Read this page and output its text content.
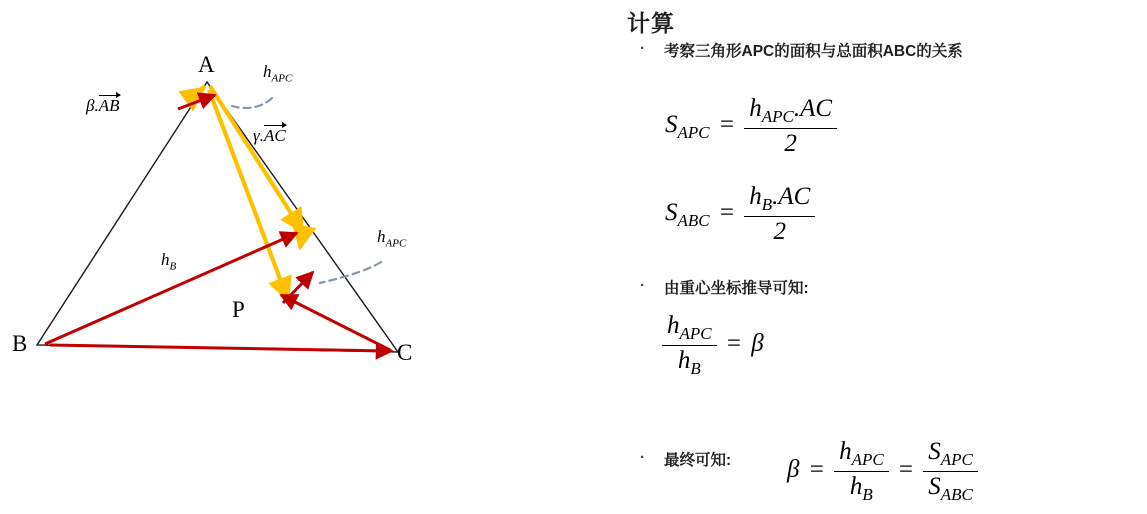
A
B	C
P
β.AB
γ.AC
$h_{APC}$
$h_{APC}$
$h_B$
计算
·	考察三角形APC的面积与总面积ABC的关系
$S_{APC} = \frac{h_{APC}.AC}{2}$
$S_{ABC} = \frac{h_B.AC}{2}$
·	由重心坐标推导可知:
$\frac{h_{APC}}{h_B} = \beta$
·	最终可知: $\beta = \frac{h_{APC}}{h_B} = \frac{S_{APC}}{S_{ABC}}$
